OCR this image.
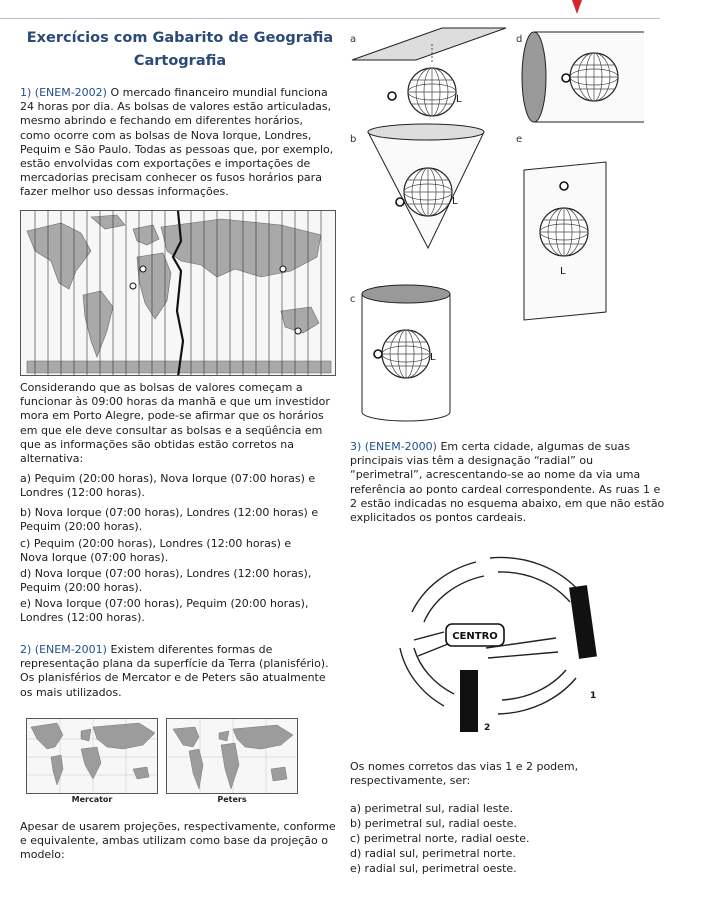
Exercícios com Gabarito de Geografia
Cartografia
1) (ENEM-2002) O mercado financeiro mundial funciona 24 horas por dia. As bolsas de valores estão articuladas, mesmo abrindo e fechando em diferentes horários, como ocorre com as bolsas de Nova Iorque, Londres, Pequim e São Paulo. Todas as pessoas que, por exemplo, estão envolvidas com exportações e importações de mercadorias precisam conhecer os fusos horários para fazer melhor uso dessas informações.
Considerando que as bolsas de valores começam a funcionar às 09:00 horas da manhã e que um investidor mora em Porto Alegre, pode-se afirmar que os horários em que ele deve consultar as bolsas e a seqüência em que as informações são obtidas estão corretos na alternativa:
a) Pequim (20:00 horas), Nova Iorque (07:00 horas) e Londres (12:00 horas).
b) Nova Iorque (07:00 horas), Londres (12:00 horas) e Pequim (20:00 horas).
c) Pequim (20:00 horas), Londres (12:00 horas) e Nova Iorque (07:00 horas).
d) Nova Iorque (07:00 horas), Londres (12:00 horas), Pequim (20:00 horas).
e) Nova Iorque (07:00 horas), Pequim (20:00 horas), Londres (12:00 horas).
2) (ENEM-2001) Existem diferentes formas de representação plana da superfície da Terra (planisfério). Os planisférios de Mercator e de Peters são atualmente os mais utilizados.
Mercator	Peters
Apesar de usarem projeções, respectivamente, conforme e equivalente, ambas utilizam como base da projeção o modelo:
a
b
c
d
e
L
L
L
L
3) (ENEM-2000) Em certa cidade, algumas de suas principais vias têm a designação “radial” ou “perimetral”, acrescentando-se ao nome da via uma referência ao ponto cardeal correspondente. As ruas 1 e 2 estão indicadas no esquema abaixo, em que não estão explicitados os pontos cardeais.
CENTRO
1
2
Os nomes corretos das vias 1 e 2 podem, respectivamente, ser:
a) perimetral sul, radial leste.
b) perimetral sul, radial oeste.
c) perimetral norte, radial oeste.
d) radial sul, perimetral norte.
e) radial sul, perimetral oeste.
